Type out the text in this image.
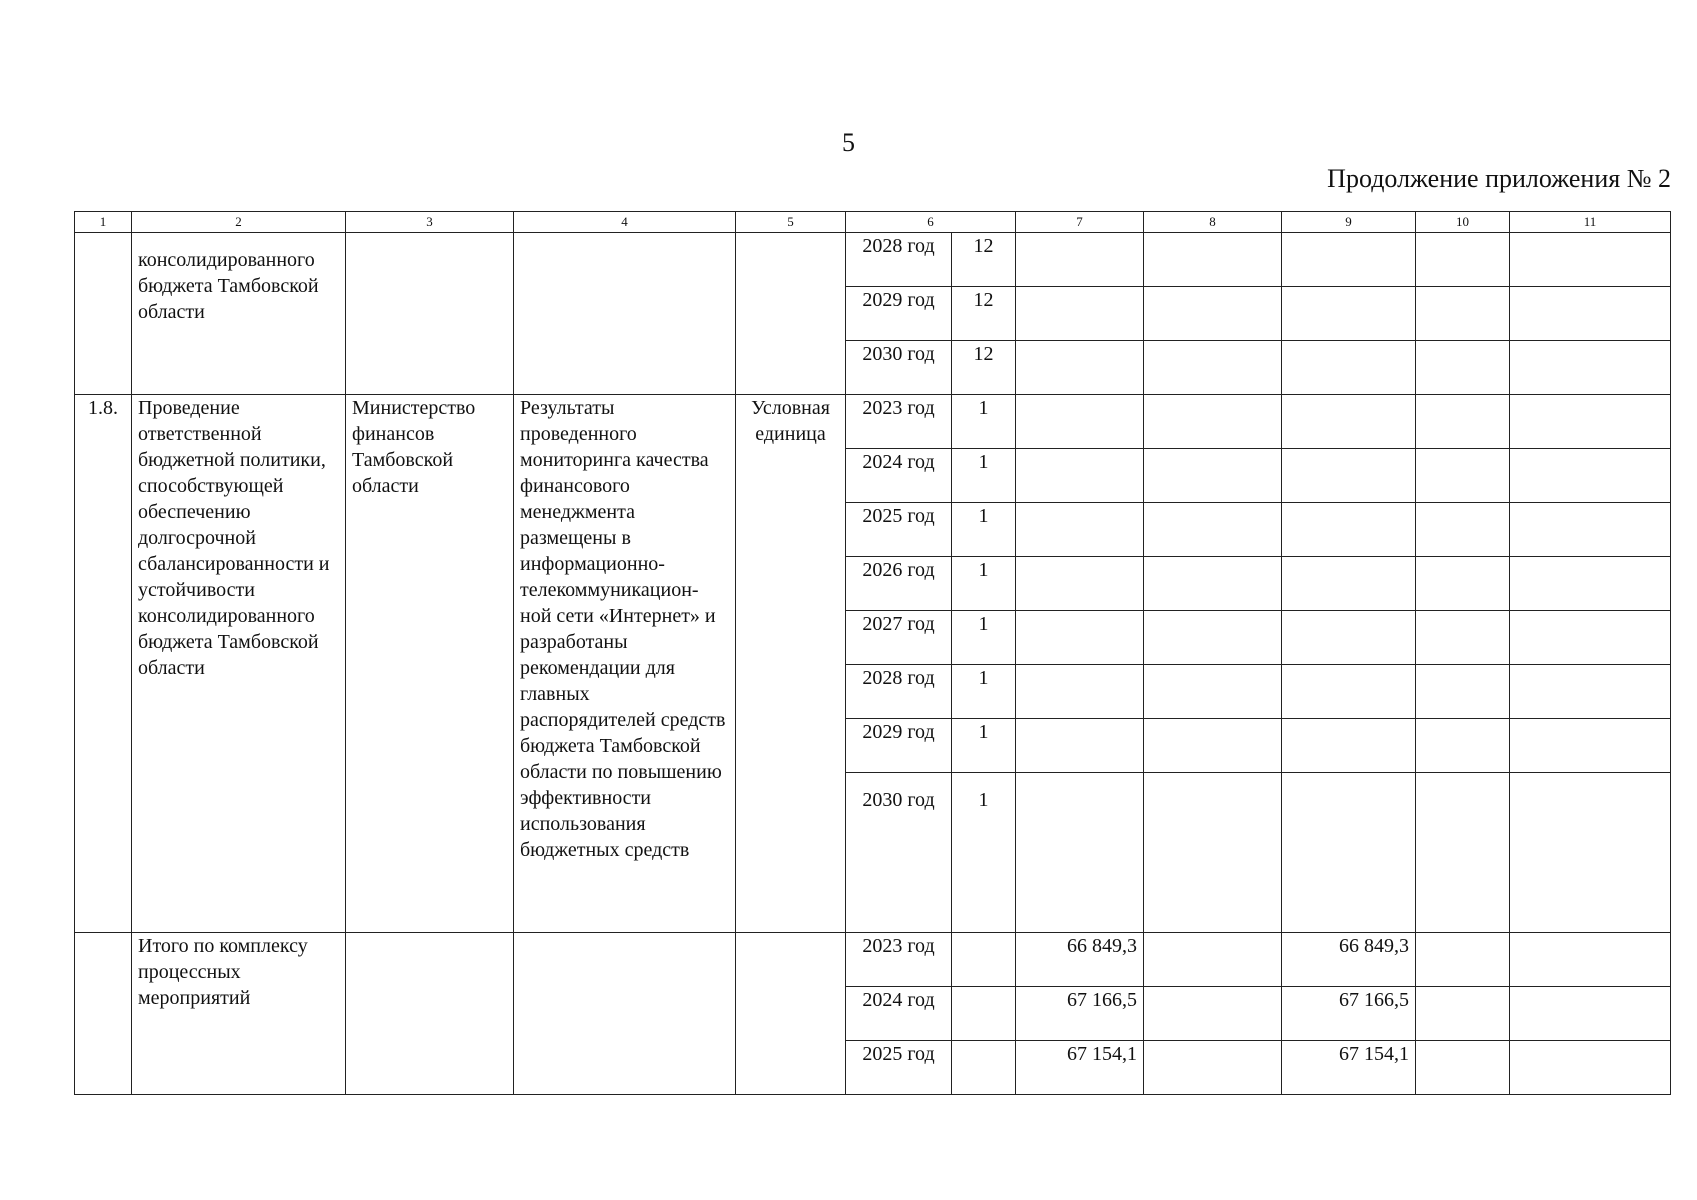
5
Продолжение приложения № 2
1	2	3	4	5	6		7	8	9	10	11
	консолидированного бюджета Тамбовской области				2028 год	12					
					2029 год	12					
					2030 год	12					
1.8.	Проведение ответственной бюджетной политики, способствующей обеспечению долгосрочной сбалансированности и устойчивости консолидированного бюджета Тамбовской области	Министерство финансов Тамбовской области	Результаты проведенного мониторинга качества финансового менеджмента размещены в информационно-телекоммуникацион-ной сети «Интернет» и разработаны рекомендации для главных распорядителей средств бюджета Тамбовской области по повышению эффективности использования бюджетных средств	Условная единица	2023 год	1					
					2024 год	1					
					2025 год	1					
					2026 год	1					
					2027 год	1					
					2028 год	1					
					2029 год	1					
					2030 год	1					
	Итого по комплексу процессных мероприятий				2023 год		66 849,3		66 849,3		
					2024 год		67 166,5		67 166,5		
					2025 год		67 154,1		67 154,1		
